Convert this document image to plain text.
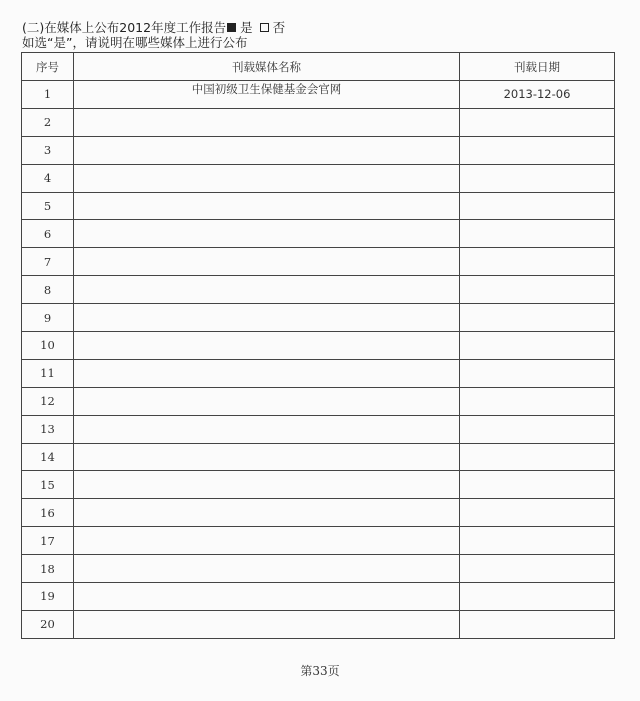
(二)在媒体上公布2012年度工作报告 是 否
如选“是”，请说明在哪些媒体上进行公布
序号	刊载媒体名称	刊载日期
1	中国初级卫生保健基金会官网	2013-12-06
2		
3		
4		
5		
6		
7		
8		
9		
10		
11		
12		
13		
14		
15		
16		
17		
18		
19		
20		
第33页
